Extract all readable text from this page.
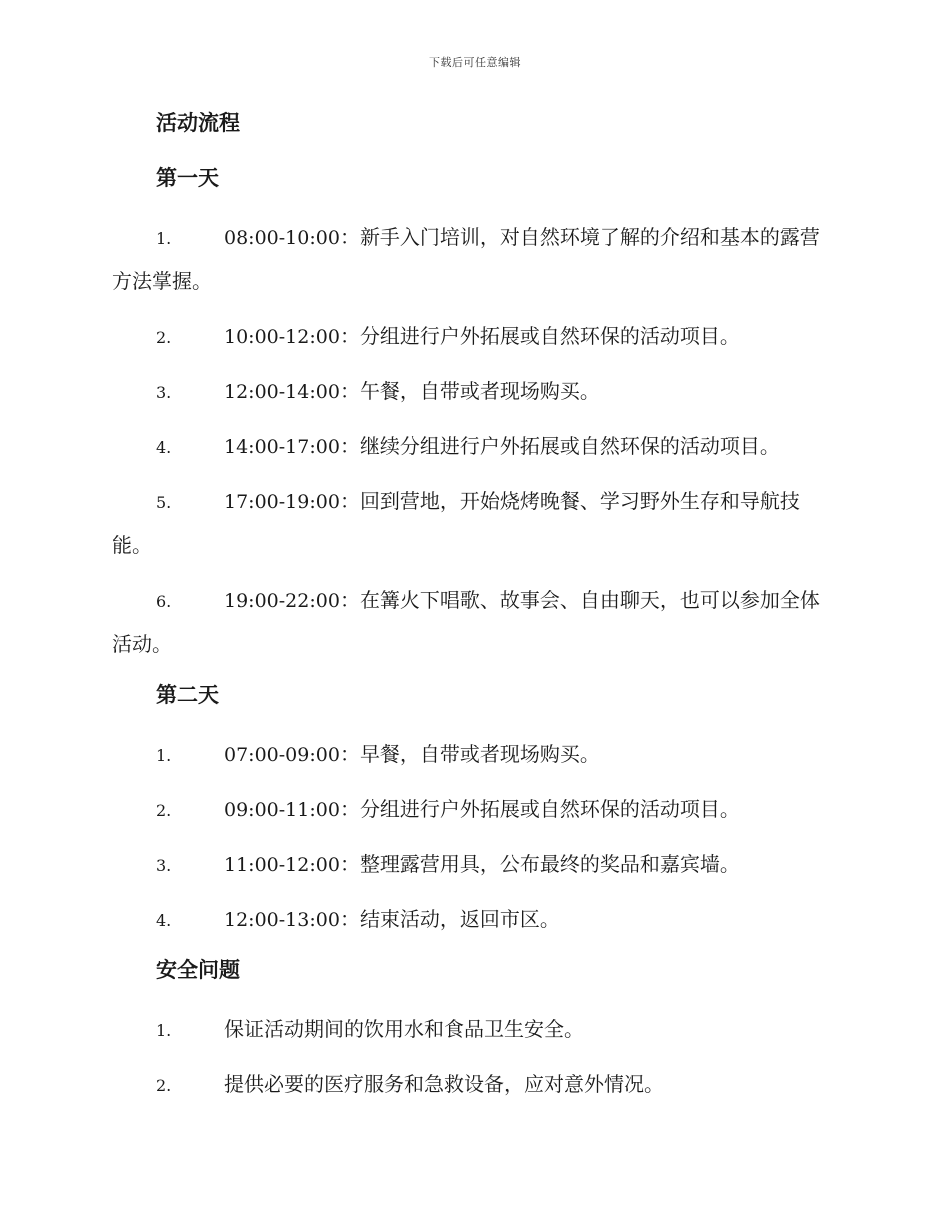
下载后可任意编辑
活动流程
第一天
1.	08:00-10:00：新手入门培训，对自然环境了解的介绍和基本的露营方法掌握。
2.	10:00-12:00：分组进行户外拓展或自然环保的活动项目。
3.	12:00-14:00：午餐，自带或者现场购买。
4.	14:00-17:00：继续分组进行户外拓展或自然环保的活动项目。
5.	17:00-19:00：回到营地，开始烧烤晚餐、学习野外生存和导航技能。
6.	19:00-22:00：在篝火下唱歌、故事会、自由聊天，也可以参加全体活动。
第二天
1.	07:00-09:00：早餐，自带或者现场购买。
2.	09:00-11:00：分组进行户外拓展或自然环保的活动项目。
3.	11:00-12:00：整理露营用具，公布最终的奖品和嘉宾墙。
4.	12:00-13:00：结束活动，返回市区。
安全问题
1.	保证活动期间的饮用水和食品卫生安全。
2.	提供必要的医疗服务和急救设备，应对意外情况。
